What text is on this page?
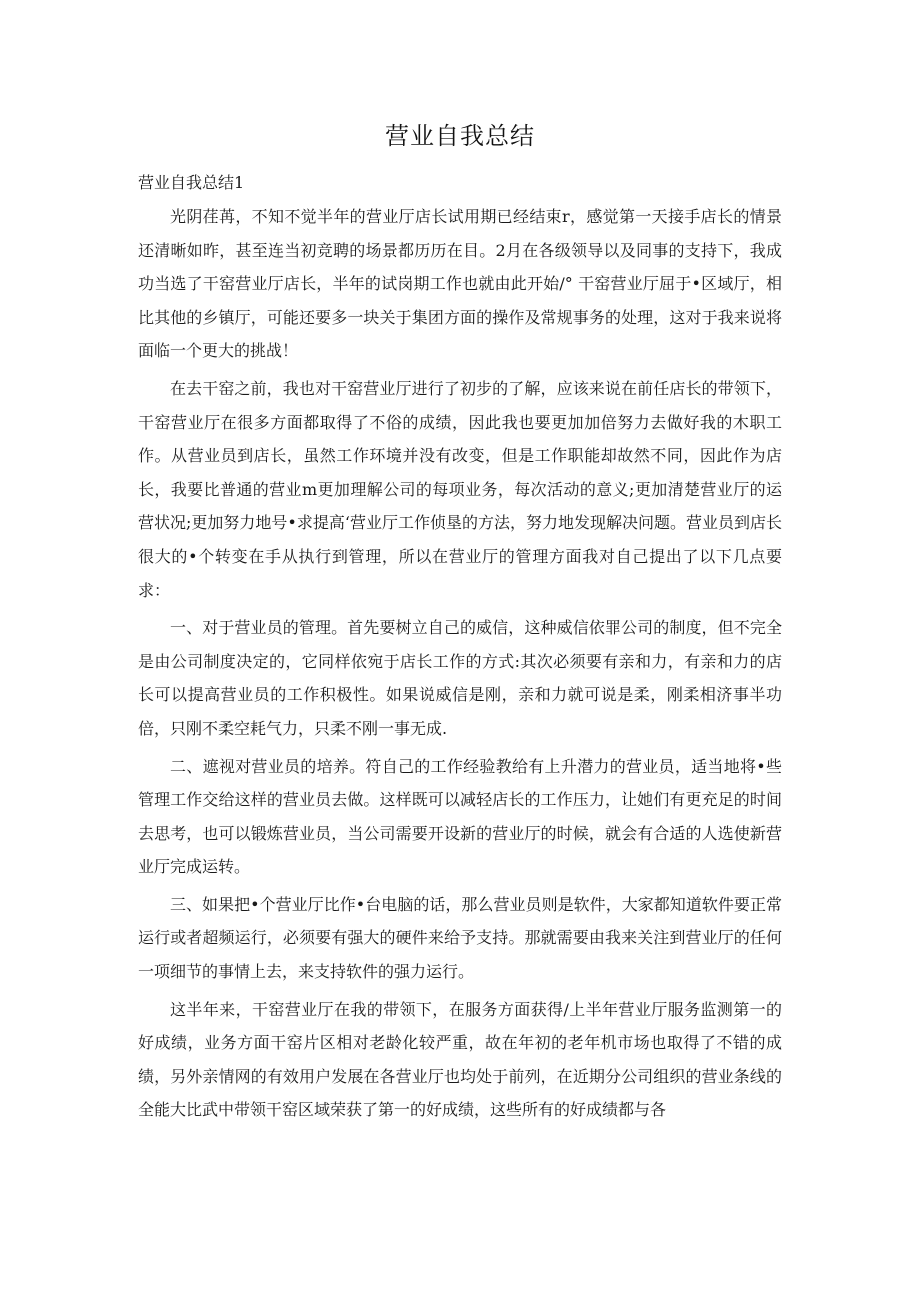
营业自我总结

营业自我总结1

光阴荏苒，不知不觉半年的营业厅店长试用期已经结束r，感觉第一天接手店长的情景还清晰如昨，甚至连当初竞聘的场景都历历在目。2月在各级领导以及同事的支持下，我成功当选了干窑营业厅店长，半年的试岗期工作也就由此开始/° 干窑营业厅屈于•区域厅，相比其他的乡镇厅，可能还要多一块关于集团方面的操作及常规事务的处理，这对于我来说将面临一个更大的挑战！

在去干窑之前，我也对干窑营业厅进行了初步的了解，应该来说在前任店长的带领下，干窑营业厅在很多方面都取得了不俗的成绩，因此我也要更加加倍努力去做好我的木职工作。从营业员到店长，虽然工作环境并没有改变，但是工作职能却故然不同，因此作为店长，我要比普通的营业m更加理解公司的每项业务，每次活动的意义;更加清楚营业厅的运营状况;更加努力地号•求提高‘营业厅工作侦垦的方法，努力地发现解决问题。营业员到店长很大的•个转变在手从执行到管理，所以在营业厅的管理方面我对自己提出了以下几点要求：

一、对于营业员的管理。首先要树立自己的威信，这种威信依罪公司的制度，但不完全是由公司制度决定的，它同样依宛于店长工作的方式:其次必须要有亲和力，有亲和力的店长可以提高营业员的工作积极性。如果说威信是刚，亲和力就可说是柔，刚柔相济事半功倍，只刚不柔空耗气力，只柔不刚一事无成.

二、遮视对营业员的培养。符自己的工作经验教给有上升潜力的营业员，适当地将•些管理工作交给这样的营业员去做。这样既可以减轻店长的工作压力，让她们有更充足的时间去思考，也可以锻炼营业员，当公司需要开设新的营业厅的时候，就会有合适的人选使新营业厅完成运转。

三、如果把•个营业厅比作•台电脑的话，那么营业员则是软件，大家都知道软件要正常运行或者超频运行，必须要有强大的硬件来给予支持。那就需要由我来关注到营业厅的任何一项细节的事情上去，来支持软件的强力运行。

这半年来，干窑营业厅在我的带领下，在服务方面获得/上半年营业厅服务监测第一的好成绩，业务方面干窑片区相对老龄化较严重，故在年初的老年机市场也取得了不错的成绩，另外亲情网的有效用户发展在各营业厅也均处于前列，在近期分公司组织的营业条线的全能大比武中带领干窑区域荣获了第一的好成绩，这些所有的好成绩都与各
